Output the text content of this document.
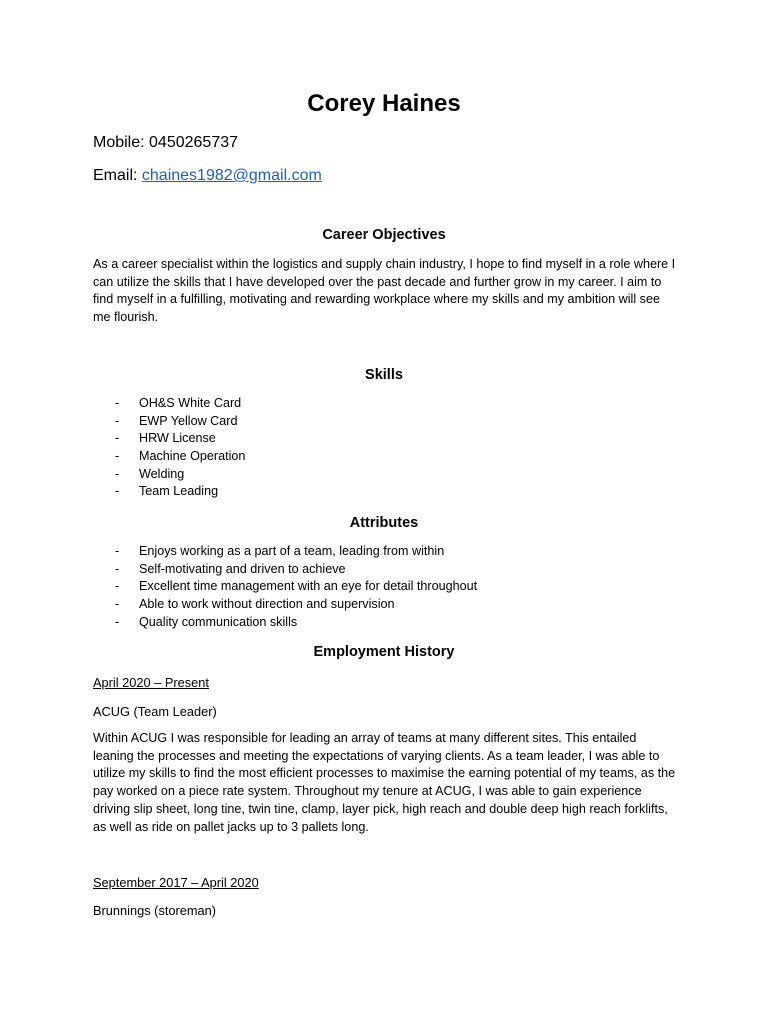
Corey Haines
Mobile: 0450265737
Email: chaines1982@gmail.com
Career Objectives
As a career specialist within the logistics and supply chain industry, I hope to find myself in a role where I can utilize the skills that I have developed over the past decade and further grow in my career. I aim to find myself in a fulfilling, motivating and rewarding workplace where my skills and my ambition will see me flourish.
Skills
- OH&S White Card
- EWP Yellow Card
- HRW License
- Machine Operation
- Welding
- Team Leading
Attributes
- Enjoys working as a part of a team, leading from within
- Self-motivating and driven to achieve
- Excellent time management with an eye for detail throughout
- Able to work without direction and supervision
- Quality communication skills
Employment History
April 2020 – Present
ACUG (Team Leader)
Within ACUG I was responsible for leading an array of teams at many different sites. This entailed leaning the processes and meeting the expectations of varying clients. As a team leader, I was able to utilize my skills to find the most efficient processes to maximise the earning potential of my teams, as the pay worked on a piece rate system. Throughout my tenure at ACUG, I was able to gain experience driving slip sheet, long tine, twin tine, clamp, layer pick, high reach and double deep high reach forklifts, as well as ride on pallet jacks up to 3 pallets long.
September 2017 – April 2020
Brunnings (storeman)
